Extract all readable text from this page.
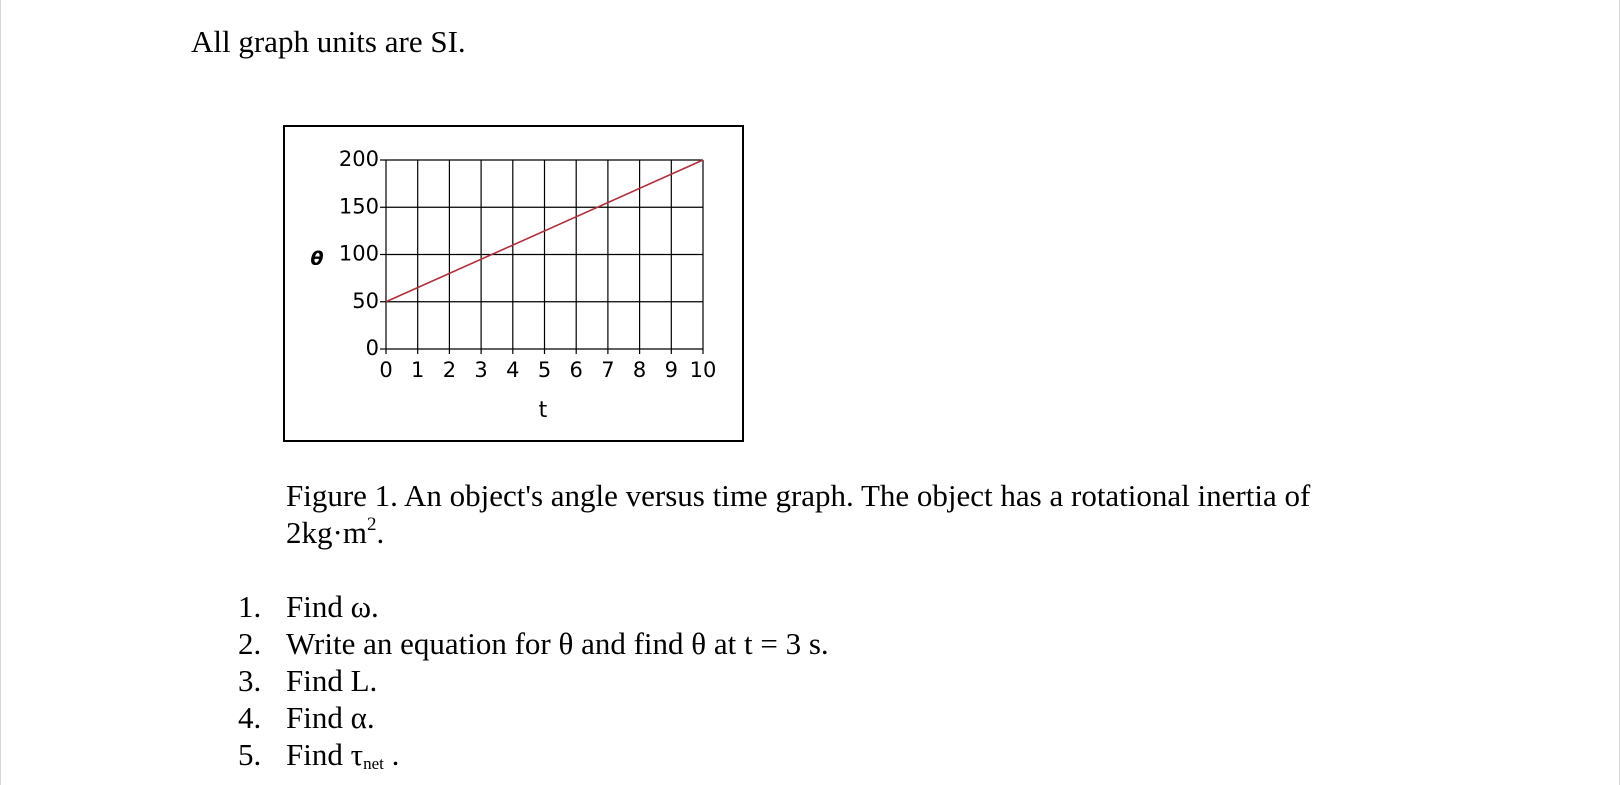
All graph units are SI.
0
50
100
150
200
0 1 2 3 4 5 6 7 8 9 10
θ
t
Figure 1. An object's angle versus time graph. The object has a rotational inertia of $2kg\cdot m^2$.
1. Find ω.
2. Write an equation for θ and find θ at t = 3 s.
3. Find L.
4. Find α.
5. Find $\tau_{net}$ .
